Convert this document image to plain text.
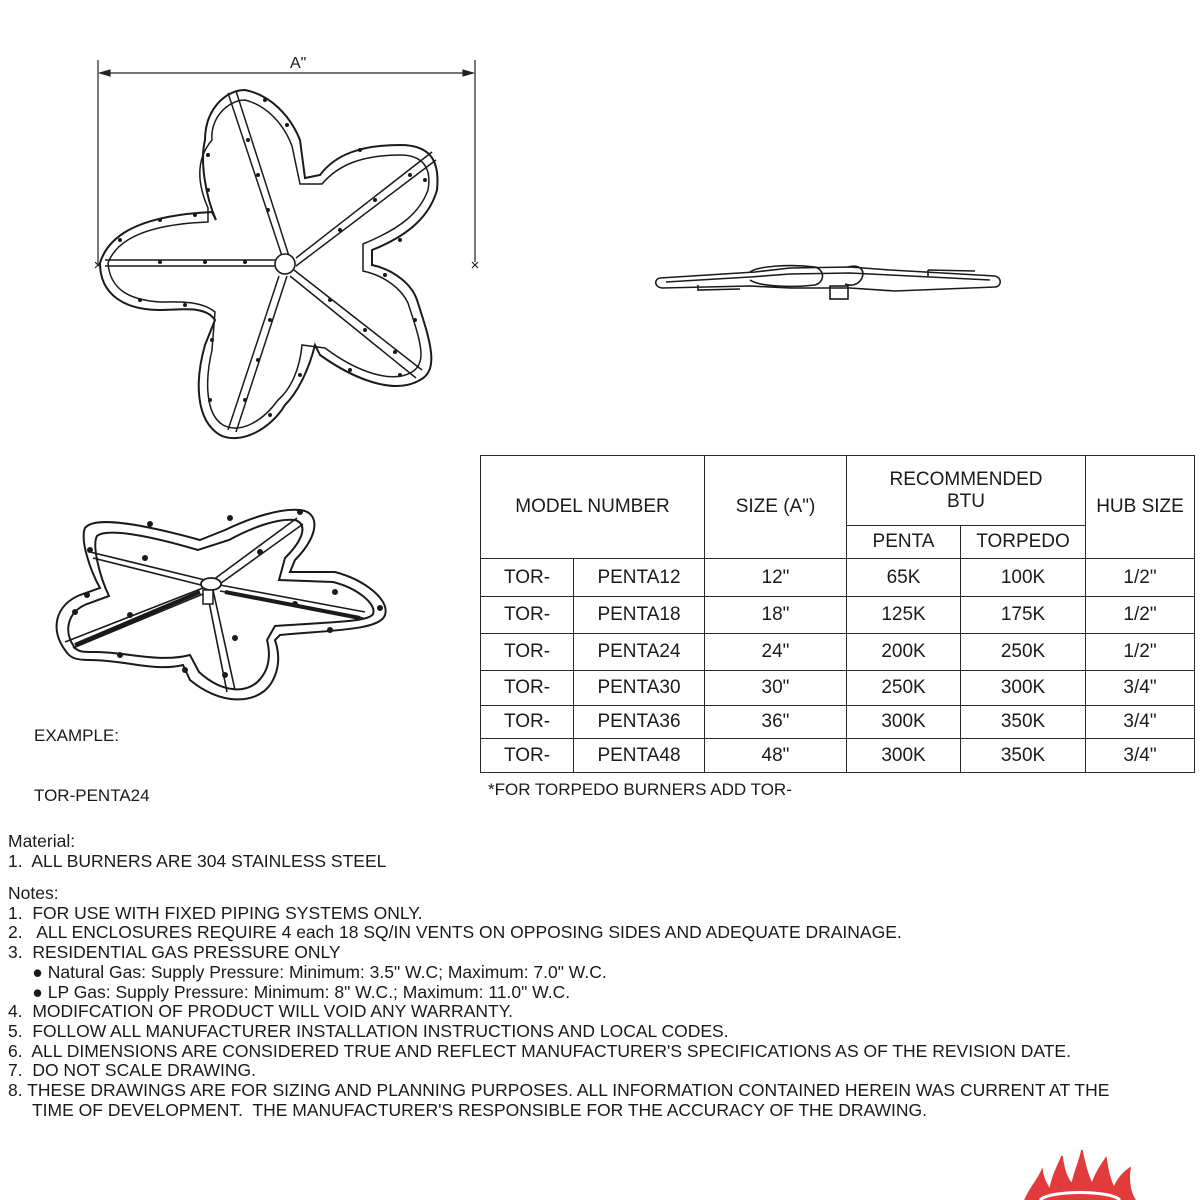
A"

EXAMPLE:

TOR-PENTA24

MODEL NUMBER		SIZE (A")	RECOMMENDED
BTU		HUB SIZE
			PENTA	TORPEDO	
TOR-	PENTA12	12"	65K	100K	1/2"
TOR-	PENTA18	18"	125K	175K	1/2"
TOR-	PENTA24	24"	200K	250K	1/2"
TOR-	PENTA30	30"	250K	300K	3/4"
TOR-	PENTA36	36"	300K	350K	3/4"
TOR-	PENTA48	48"	300K	350K	3/4"
*FOR TORPEDO BURNERS ADD TOR-
Material:
1.  ALL BURNERS ARE 304 STAINLESS STEEL
Notes:
1.  FOR USE WITH FIXED PIPING SYSTEMS ONLY.
2.   ALL ENCLOSURES REQUIRE 4 each 18 SQ/IN VENTS ON OPPOSING SIDES AND ADEQUATE DRAINAGE.
3.  RESIDENTIAL GAS PRESSURE ONLY
● Natural Gas: Supply Pressure: Minimum: 3.5" W.C; Maximum: 7.0" W.C.
● LP Gas: Supply Pressure: Minimum: 8" W.C.; Maximum: 11.0" W.C.
4.  MODIFCATION OF PRODUCT WILL VOID ANY WARRANTY.
5.  FOLLOW ALL MANUFACTURER INSTALLATION INSTRUCTIONS AND LOCAL CODES.
6.  ALL DIMENSIONS ARE CONSIDERED TRUE AND REFLECT MANUFACTURER'S SPECIFICATIONS AS OF THE REVISION DATE.
7.  DO NOT SCALE DRAWING.
8. THESE DRAWINGS ARE FOR SIZING AND PLANNING PURPOSES. ALL INFORMATION CONTAINED HEREIN WAS CURRENT AT THE
TIME OF DEVELOPMENT.  THE MANUFACTURER'S RESPONSIBLE FOR THE ACCURACY OF THE DRAWING.
